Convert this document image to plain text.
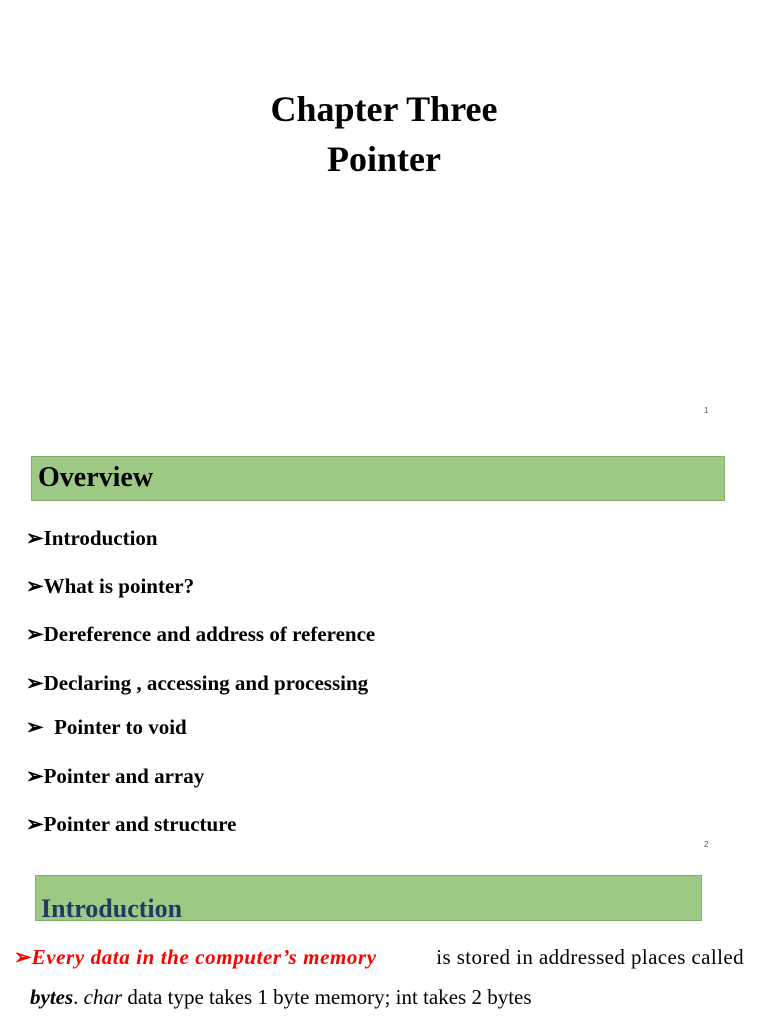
Chapter Three
Pointer
1
Overview
➢Introduction
➢What is pointer?
➢Dereference and address of reference
➢Declaring , accessing and processing
➢  Pointer to void
➢Pointer and array
➢Pointer and structure
2
Introduction
➢Every data in the computer’s memory	is stored in addressed places called
bytes. char data type takes 1 byte memory; int takes 2 bytes
